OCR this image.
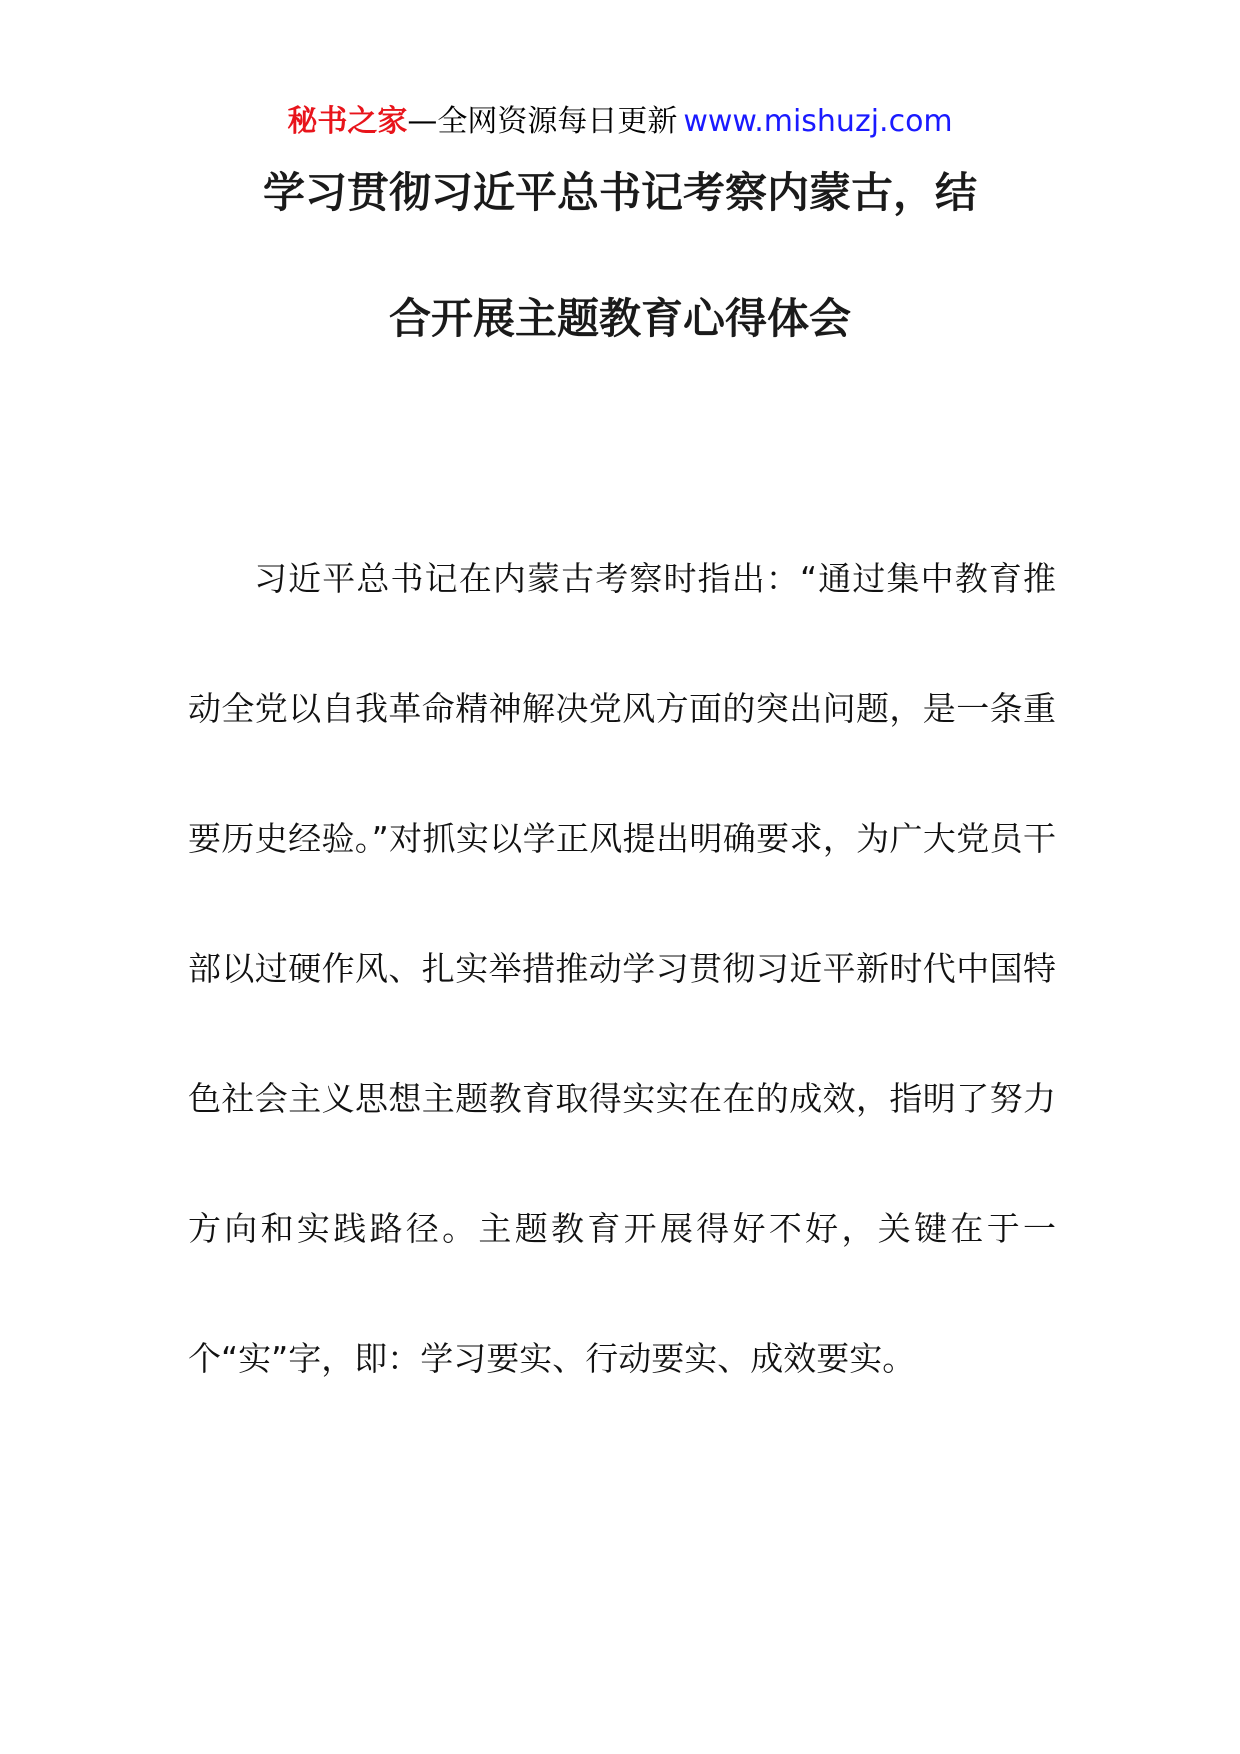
秘书之家—全网资源每日更新 www.mishuzj.com
学习贯彻习近平总书记考察内蒙古，结
合开展主题教育心得体会

习近平总书记在内蒙古考察时指出：“通过集中教育推动全党以自我革命精神解决党风方面的突出问题，是一条重要历史经验。”对抓实以学正风提出明确要求，为广大党员干部以过硬作风、扎实举措推动学习贯彻习近平新时代中国特色社会主义思想主题教育取得实实在在的成效，指明了努力方向和实践路径。主题教育开展得好不好，关键在于一个“实”字，即：学习要实、行动要实、成效要实。
